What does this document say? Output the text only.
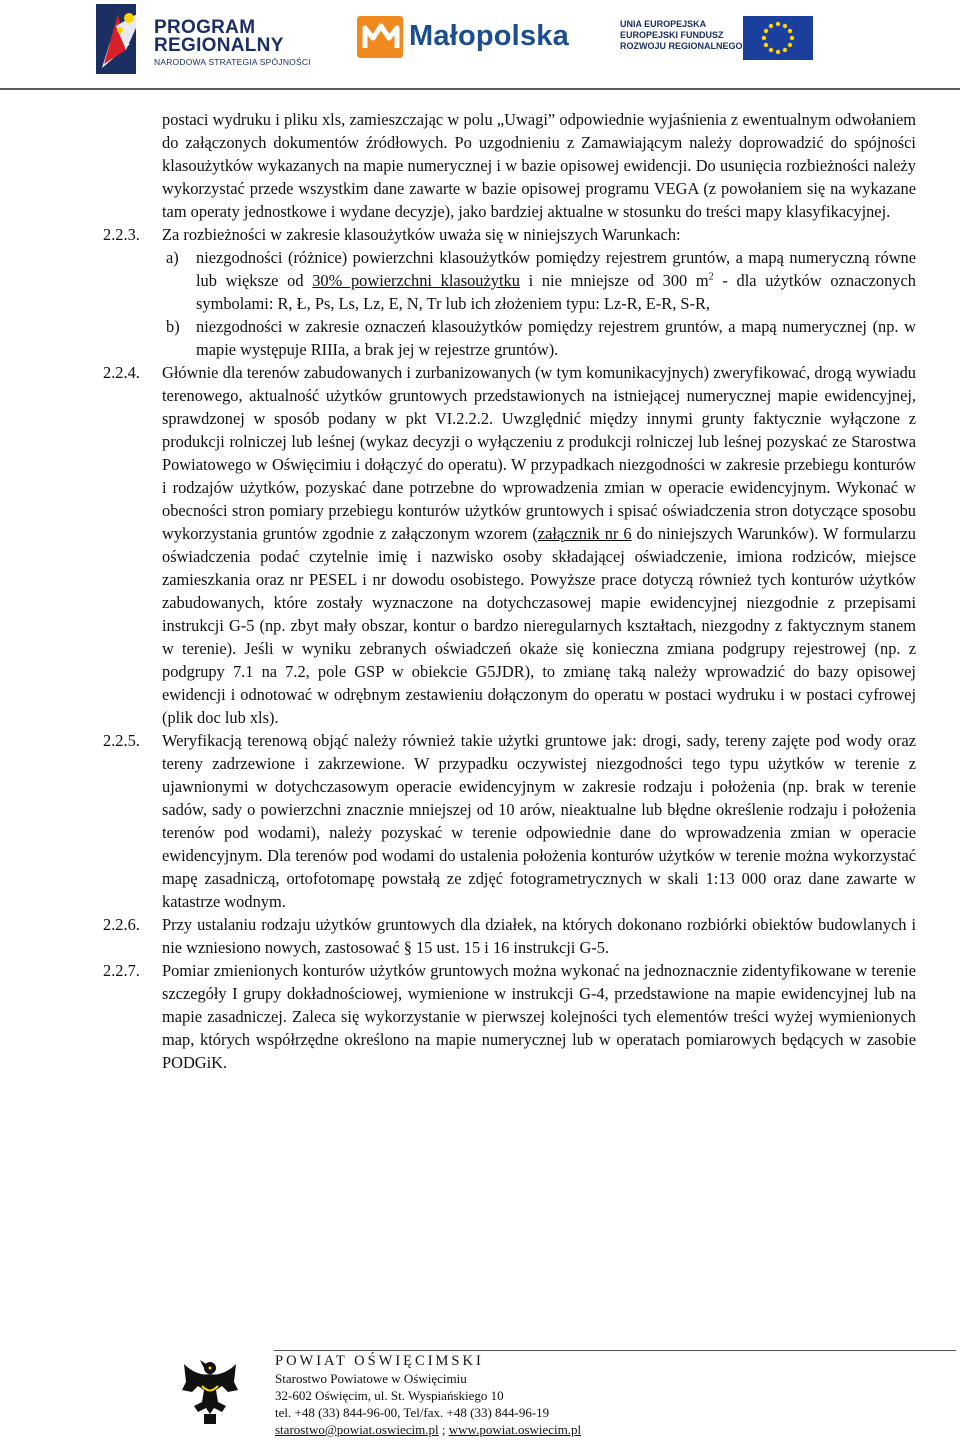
PROGRAM
REGIONALNY
NARODOWA STRATEGIA SPÓJNOŚCI
Małopolska	UNIA EUROPEJSKA
EUROPEJSKI FUNDUSZ
ROZWOJU REGIONALNEGO

postaci wydruku i pliku xls, zamieszczając w polu „Uwagi” odpowiednie wyjaśnienia z ewentualnym odwołaniem do załączonych dokumentów źródłowych. Po uzgodnieniu z Zamawiającym należy doprowadzić do spójności klasoużytków wykazanych na mapie numerycznej i w bazie opisowej ewidencji. Do usunięcia rozbieżności należy wykorzystać przede wszystkim dane zawarte w bazie opisowej programu VEGA (z powołaniem się na wykazane tam operaty jednostkowe i wydane decyzje), jako bardziej aktualne w stosunku do treści mapy klasyfikacyjnej.

2.2.3. Za rozbieżności w zakresie klasoużytków uważa się w niniejszych Warunkach:
a) niezgodności (różnice) powierzchni klasoużytków pomiędzy rejestrem gruntów, a mapą numeryczną równe lub większe od 30% powierzchni klasoużytku i nie mniejsze od 300 $m^2$ - dla użytków oznaczonych symbolami: R, Ł, Ps, Ls, Lz, E, N, Tr lub ich złożeniem typu: Lz-R, E-R, S-R,
b) niezgodności w zakresie oznaczeń klasoużytków pomiędzy rejestrem gruntów, a mapą numerycznej (np. w mapie występuje RIIIa, a brak jej w rejestrze gruntów).
2.2.4. Głównie dla terenów zabudowanych i zurbanizowanych (w tym komunikacyjnych) zweryfikować, drogą wywiadu terenowego, aktualność użytków gruntowych przedstawionych na istniejącej numerycznej mapie ewidencyjnej, sprawdzonej w sposób podany w pkt VI.2.2.2. Uwzględnić między innymi grunty faktycznie wyłączone z produkcji rolniczej lub leśnej (wykaz decyzji o wyłączeniu z produkcji rolniczej lub leśnej pozyskać ze Starostwa Powiatowego w Oświęcimiu i dołączyć do operatu). W przypadkach niezgodności w zakresie przebiegu konturów i rodzajów użytków, pozyskać dane potrzebne do wprowadzenia zmian w operacie ewidencyjnym. Wykonać w obecności stron pomiary przebiegu konturów użytków gruntowych i spisać oświadczenia stron dotyczące sposobu wykorzystania gruntów zgodnie z załączonym wzorem (załącznik nr 6 do niniejszych Warunków). W formularzu oświadczenia podać czytelnie imię i nazwisko osoby składającej oświadczenie, imiona rodziców, miejsce zamieszkania oraz nr PESEL i nr dowodu osobistego. Powyższe prace dotyczą również tych konturów użytków zabudowanych, które zostały wyznaczone na dotychczasowej mapie ewidencyjnej niezgodnie z przepisami instrukcji G-5 (np. zbyt mały obszar, kontur o bardzo nieregularnych kształtach, niezgodny z faktycznym stanem w terenie). Jeśli w wyniku zebranych oświadczeń okaże się konieczna zmiana podgrupy rejestrowej (np. z podgrupy 7.1 na 7.2, pole GSP w obiekcie G5JDR), to zmianę taką należy wprowadzić do bazy opisowej ewidencji i odnotować w odrębnym zestawieniu dołączonym do operatu w postaci wydruku i w postaci cyfrowej (plik doc lub xls).
2.2.5. Weryfikacją terenową objąć należy również takie użytki gruntowe jak: drogi, sady, tereny zajęte pod wody oraz tereny zadrzewione i zakrzewione. W przypadku oczywistej niezgodności tego typu użytków w terenie z ujawnionymi w dotychczasowym operacie ewidencyjnym w zakresie rodzaju i położenia (np. brak w terenie sadów, sady o powierzchni znacznie mniejszej od 10 arów, nieaktualne lub błędne określenie rodzaju i położenia terenów pod wodami), należy pozyskać w terenie odpowiednie dane do wprowadzenia zmian w operacie ewidencyjnym. Dla terenów pod wodami do ustalenia położenia konturów użytków w terenie można wykorzystać mapę zasadniczą, ortofotomapę powstałą ze zdjęć fotogrametrycznych w skali 1:13 000 oraz dane zawarte w katastrze wodnym.
2.2.6. Przy ustalaniu rodzaju użytków gruntowych dla działek, na których dokonano rozbiórki obiektów budowlanych i nie wzniesiono nowych, zastosować § 15 ust. 15 i 16 instrukcji G-5.
2.2.7. Pomiar zmienionych konturów użytków gruntowych można wykonać na jednoznacznie zidentyfikowane w terenie szczegóły I grupy dokładnościowej, wymienione w instrukcji G-4, przedstawione na mapie ewidencyjnej lub na mapie zasadniczej. Zaleca się wykorzystanie w pierwszej kolejności tych elementów treści wyżej wymienionych map, których współrzędne określono na mapie numerycznej lub w operatach pomiarowych będących w zasobie PODGiK.
POWIAT OŚWIĘCIMSKI
Starostwo Powiatowe w Oświęcimiu
32-602 Oświęcim, ul. St. Wyspiańskiego 10
tel. +48 (33) 844-96-00, Tel/fax. +48 (33) 844-96-19
starostwo@powiat.oswiecim.pl ; www.powiat.oswiecim.pl
